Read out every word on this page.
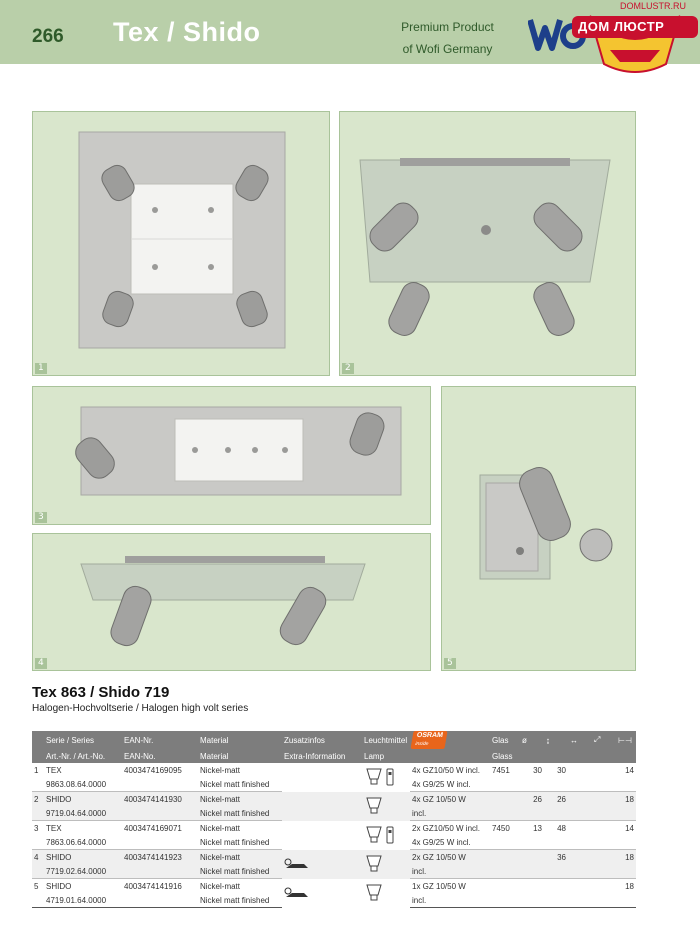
266 Tex / Shido	Premium Product
of Wofi Germany
DOMLUSTR.RU
ДОМ ЛЮСТР
1	2
3
4	5
Tex 863 / Shido 719
Halogen-Hochvoltserie / Halogen high volt series
	Serie / Series	EAN-Nr.	Material	Zusatzinfos	Leuchtmittel	OSRAM
inside	Glas	ø	↨	↔	⤢	⊢⊣
	Art.-Nr. / Art.-No.	EAN-No.	Material	Extra-Information	Lamp		Glass					
1	TEX	4003474169095	Nickel-matt			4x GZ10/50 W incl.	7451	30	30			14
	9863.08.64.0000		Nickel matt finished			4x G9/25 W incl.						
2	SHIDO	4003474141930	Nickel-matt			4x GZ 10/50 W		26	26			18
	9719.04.64.0000		Nickel matt finished			incl.						
3	TEX	4003474169071	Nickel-matt			2x GZ10/50 W incl.	7450	13	48			14
	7863.06.64.0000		Nickel matt finished			4x G9/25 W incl.						
4	SHIDO	4003474141923	Nickel-matt			2x GZ 10/50 W			36			18
	7719.02.64.0000		Nickel matt finished			incl.						
5	SHIDO	4003474141916	Nickel-matt			1x GZ 10/50 W						18
	4719.01.64.0000		Nickel matt finished			incl.						
